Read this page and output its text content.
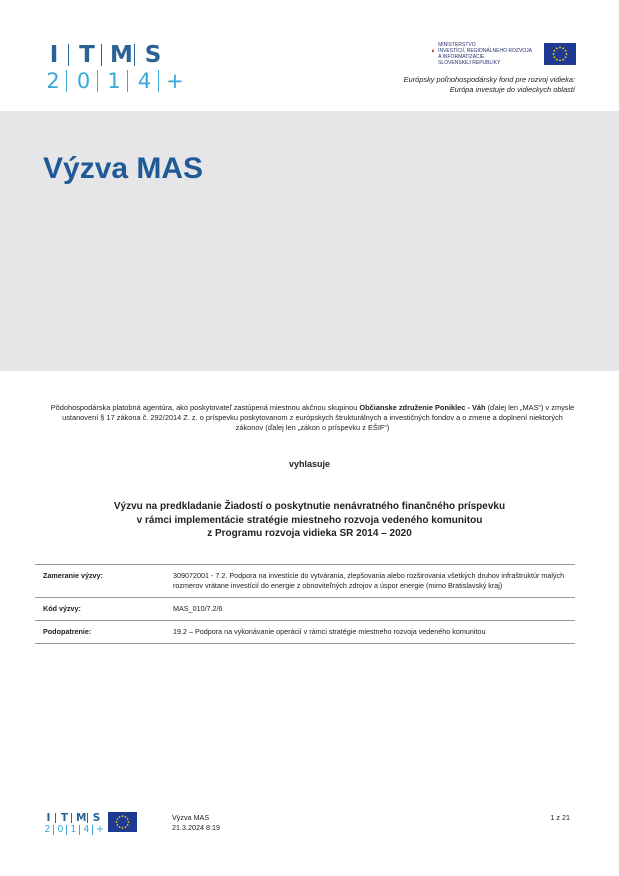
I T M S
2 0 1 4 +
MINISTERSTVO
INVESTÍCIÍ, REGIONÁLNEHO ROZVOJA
A INFORMATIZÁCIE
SLOVENSKEJ REPUBLIKY
Európsky poľnohospodársky fond pre rozvoj vidieka:
Európa investuje do vidieckych oblastí
Výzva MAS
Pôdohospodárska platobná agentúra, ako poskytovateľ zastúpená miestnou akčnou skupinou Občianske združenie Poniklec - Váh (ďalej len „MAS“) v zmysle ustanovení § 17 zákona č. 292/2014 Z. z. o príspevku poskytovanom z európskych štrukturálnych a investičných fondov a o zmene a doplnení niektorých zákonov (ďalej len „zákon o príspevku z EŠIF“)
vyhlasuje
Výzvu na predkladanie Žiadostí o poskytnutie nenávratného finančného príspevku
v rámci implementácie stratégie miestneho rozvoja vedeného komunitou
z Programu rozvoja vidieka SR 2014 – 2020
Zameranie výzvy:	309072001 - 7.2. Podpora na investície do vytvárania, zlepšovania alebo rozširovania všetkých druhov infraštruktúr malých rozmerov vrátane investícií do energie z obnoviteľných zdrojov a úspor energie (mimo Bratislavský kraj)
Kód výzvy:	MAS_010/7.2/6
Podopatrenie:	19.2 – Podpora na vykonávanie operácií v rámci stratégie miestneho rozvoja vedeného komunitou
I T M S
2 0 1 4 +
Výzva MAS
21.3.2024 8:19
1 z 21
